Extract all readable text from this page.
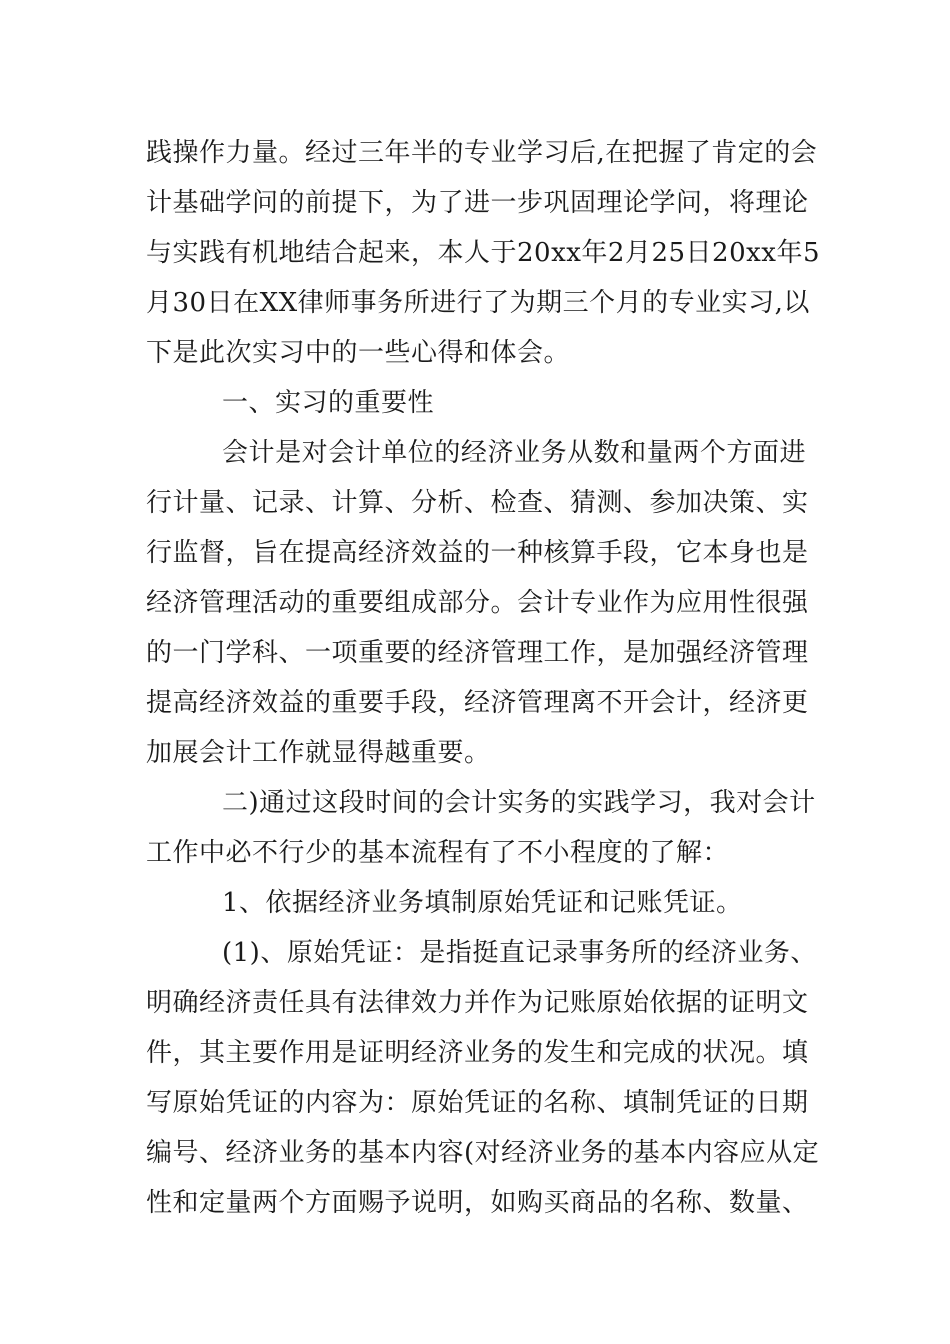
践操作力量。经过三年半的专业学习后,在把握了肯定的会
计基础学问的前提下，为了进一步巩固理论学问，将理论
与实践有机地结合起来，本人于20xx年2月25日20xx年5
月30日在XX律师事务所进行了为期三个月的专业实习,以
下是此次实习中的一些心得和体会。
一、实习的重要性
会计是对会计单位的经济业务从数和量两个方面进
行计量、记录、计算、分析、检查、猜测、参加决策、实
行监督，旨在提高经济效益的一种核算手段，它本身也是
经济管理活动的重要组成部分。会计专业作为应用性很强
的一门学科、一项重要的经济管理工作，是加强经济管理
提高经济效益的重要手段，经济管理离不开会计，经济更
加展会计工作就显得越重要。
二)通过这段时间的会计实务的实践学习，我对会计
工作中必不行少的基本流程有了不小程度的了解：
1、依据经济业务填制原始凭证和记账凭证。
(1)、原始凭证：是指挺直记录事务所的经济业务、
明确经济责任具有法律效力并作为记账原始依据的证明文
件，其主要作用是证明经济业务的发生和完成的状况。填
写原始凭证的内容为：原始凭证的名称、填制凭证的日期
编号、经济业务的基本内容(对经济业务的基本内容应从定
性和定量两个方面赐予说明，如购买商品的名称、数量、
